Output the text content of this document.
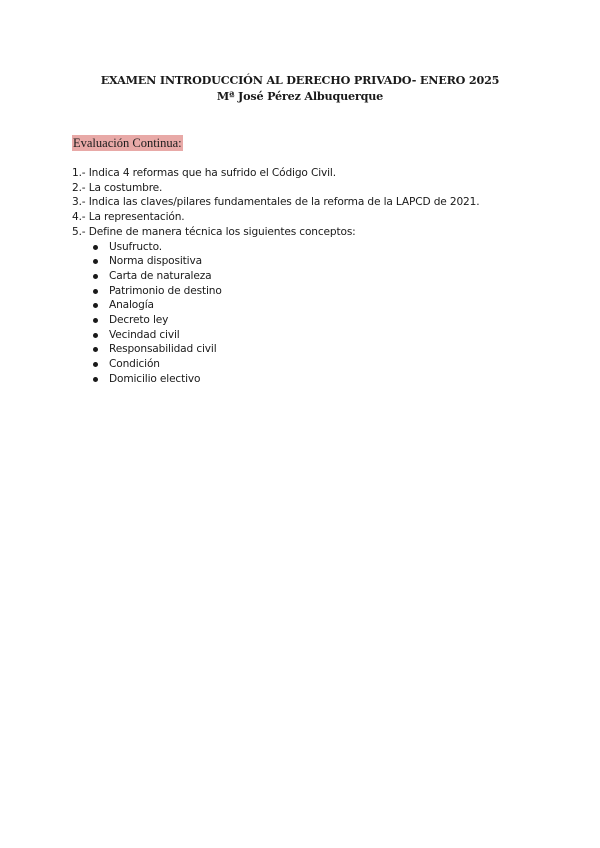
EXAMEN INTRODUCCIÓN AL DERECHO PRIVADO- ENERO 2025
Mª José Pérez Albuquerque
Evaluación Continua:
1.- Indica 4 reformas que ha sufrido el Código Civil.
2.- La costumbre.
3.- Indica las claves/pilares fundamentales de la reforma de la LAPCD de 2021.
4.- La representación.
5.- Define de manera técnica los siguientes conceptos:
Usufructo.
Norma dispositiva
Carta de naturaleza
Patrimonio de destino
Analogía
Decreto ley
Vecindad civil
Responsabilidad civil
Condición
Domicilio electivo
